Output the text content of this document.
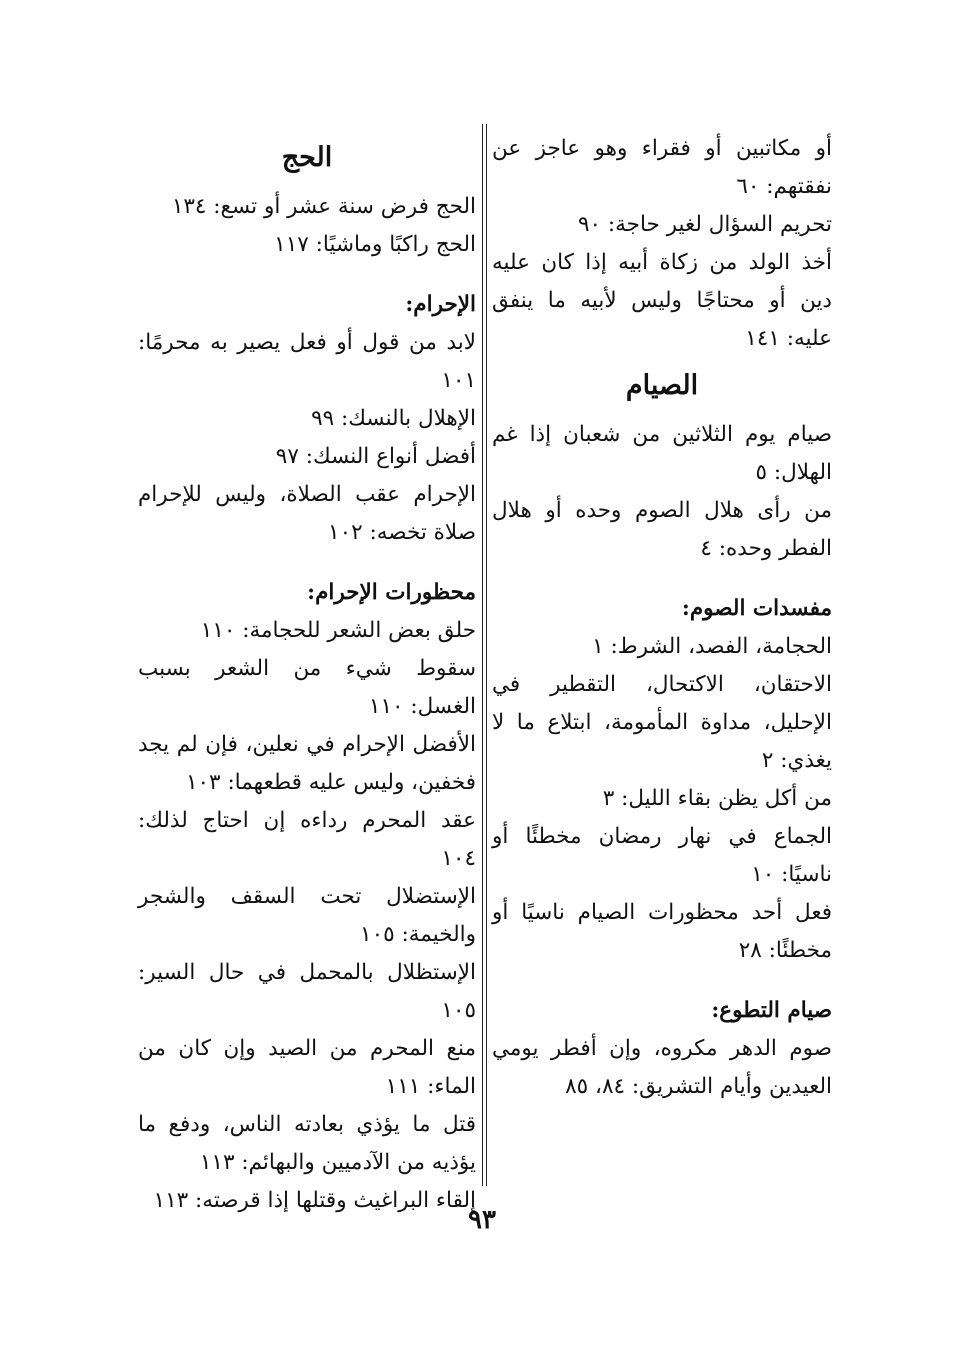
أو مكاتبين أو فقراء وهو عاجز عن نفقتهم: ٦٠
تحريم السؤال لغير حاجة: ٩٠
أخذ الولد من زكاة أبيه إذا كان عليه دين أو محتاجًا وليس لأبيه ما ينفق عليه: ١٤١
الصيام
صيام يوم الثلاثين من شعبان إذا غم الهلال: ٥
من رأى هلال الصوم وحده أو هلال الفطر وحده: ٤
مفسدات الصوم:
الحجامة، الفصد، الشرط: ١
الاحتقان، الاكتحال، التقطير في الإحليل، مداوة المأمومة، ابتلاع ما لا يغذي: ٢
من أكل يظن بقاء الليل: ٣
الجماع في نهار رمضان مخطئًا أو ناسيًا: ١٠
فعل أحد محظورات الصيام ناسيًا أو مخطئًا: ٢٨
صيام التطوع:
صوم الدهر مكروه، وإن أفطر يومي العيدين وأيام التشريق: ٨٤، ٨٥
الحج
الحج فرض سنة عشر أو تسع: ١٣٤
الحج راكبًا وماشيًا: ١١٧
الإحرام:
لابد من قول أو فعل يصير به محرمًا: ١٠١
الإهلال بالنسك: ٩٩
أفضل أنواع النسك: ٩٧
الإحرام عقب الصلاة، وليس للإحرام صلاة تخصه: ١٠٢
محظورات الإحرام:
حلق بعض الشعر للحجامة: ١١٠
سقوط شيء من الشعر بسبب الغسل: ١١٠
الأفضل الإحرام في نعلين، فإن لم يجد فخفين، وليس عليه قطعهما: ١٠٣
عقد المحرم رداءه إن احتاج لذلك: ١٠٤
الإستضلال تحت السقف والشجر والخيمة: ١٠٥
الإستظلال بالمحمل في حال السير: ١٠٥
منع المحرم من الصيد وإن كان من الماء: ١١١
قتل ما يؤذي بعادته الناس، ودفع ما يؤذيه من الآدميين والبهائم: ١١٣
إلقاء البراغيث وقتلها إذا قرصته: ١١٣
٩٣
